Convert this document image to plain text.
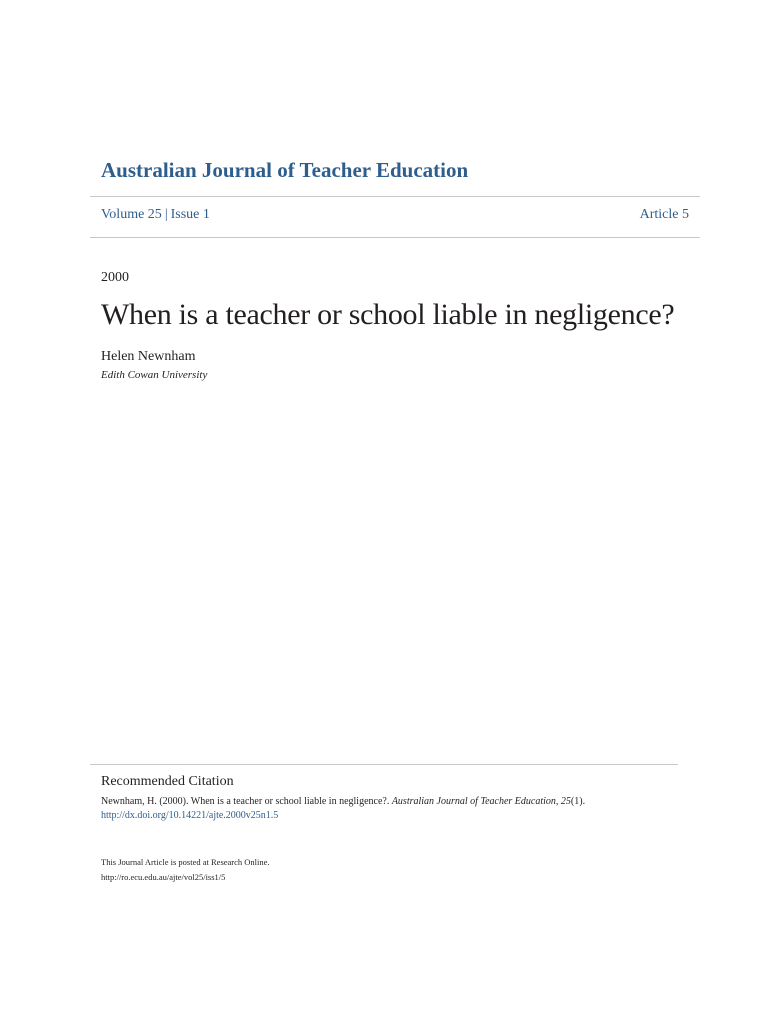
Australian Journal of Teacher Education
Volume 25 | Issue 1	Article 5
2000
When is a teacher or school liable in negligence?
Helen Newnham
Edith Cowan University
Recommended Citation
Newnham, H. (2000). When is a teacher or school liable in negligence?. Australian Journal of Teacher Education, 25(1).
http://dx.doi.org/10.14221/ajte.2000v25n1.5
This Journal Article is posted at Research Online.
http://ro.ecu.edu.au/ajte/vol25/iss1/5
